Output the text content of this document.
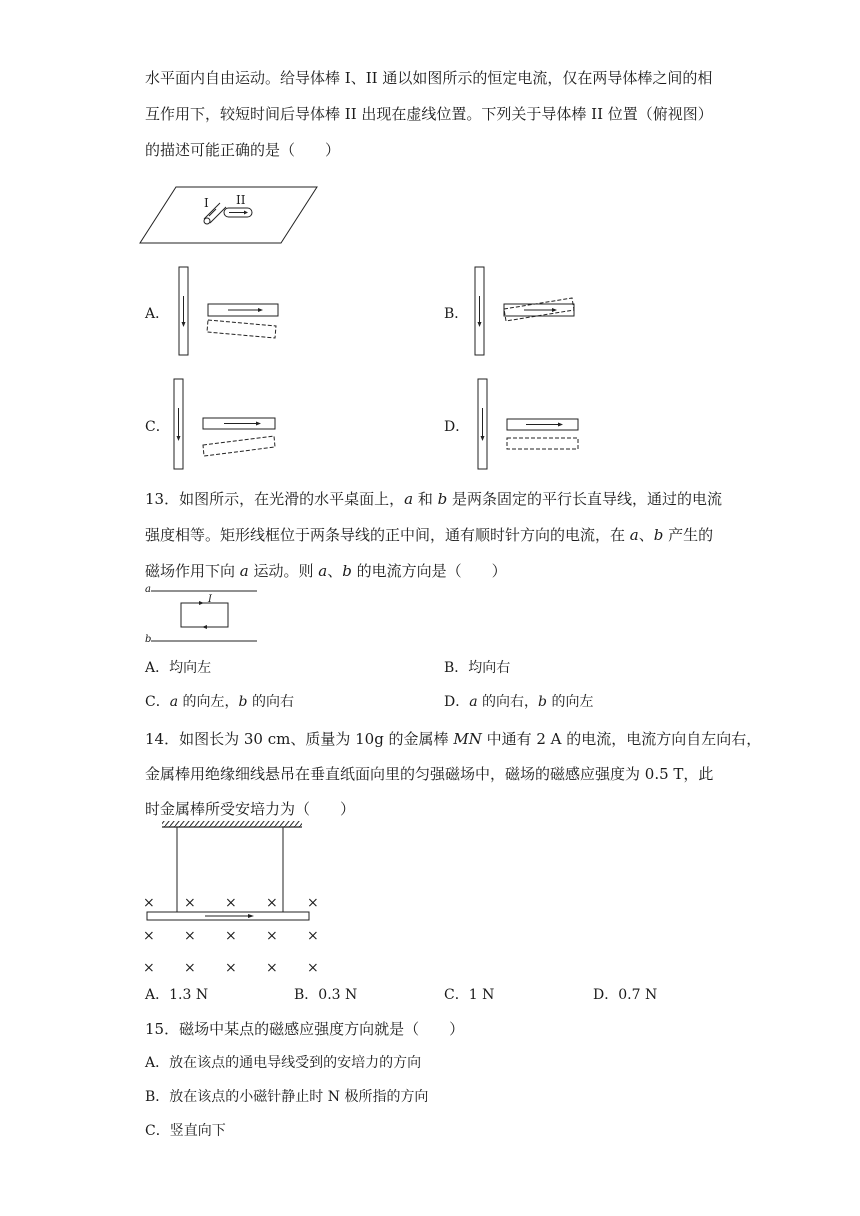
水平面内自由运动。给导体棒 I、II 通以如图所示的恒定电流，仅在两导体棒之间的相
互作用下，较短时间后导体棒 II 出现在虚线位置。下列关于导体棒 II 位置（俯视图）
的描述可能正确的是（　　）
I II
A．	B．
C．	D．
13．如图所示，在光滑的水平桌面上，a 和 b 是两条固定的平行长直导线，通过的电流
强度相等。矩形线框位于两条导线的正中间，通有顺时针方向的电流，在 a、b 产生的
磁场作用下向 a 运动。则 a、b 的电流方向是（　　）
a
b
I
A．均向左	B．均向右
C．a 的向左，b 的向右	D．a 的向右，b 的向左
14．如图长为 30 cm、质量为 10g 的金属棒 MN 中通有 2 A 的电流，电流方向自左向右，
金属棒用绝缘细线悬吊在垂直纸面向里的匀强磁场中，磁场的磁感应强度为 0.5 T，此
时金属棒所受安培力为（　　）
× × × × ×
× × × × ×
× × × × ×
A．1.3 N	B．0.3 N	C．1 N	D．0.7 N
15．磁场中某点的磁感应强度方向就是（　　）
A．放在该点的通电导线受到的安培力的方向
B．放在该点的小磁针静止时 N 极所指的方向
C．竖直向下
